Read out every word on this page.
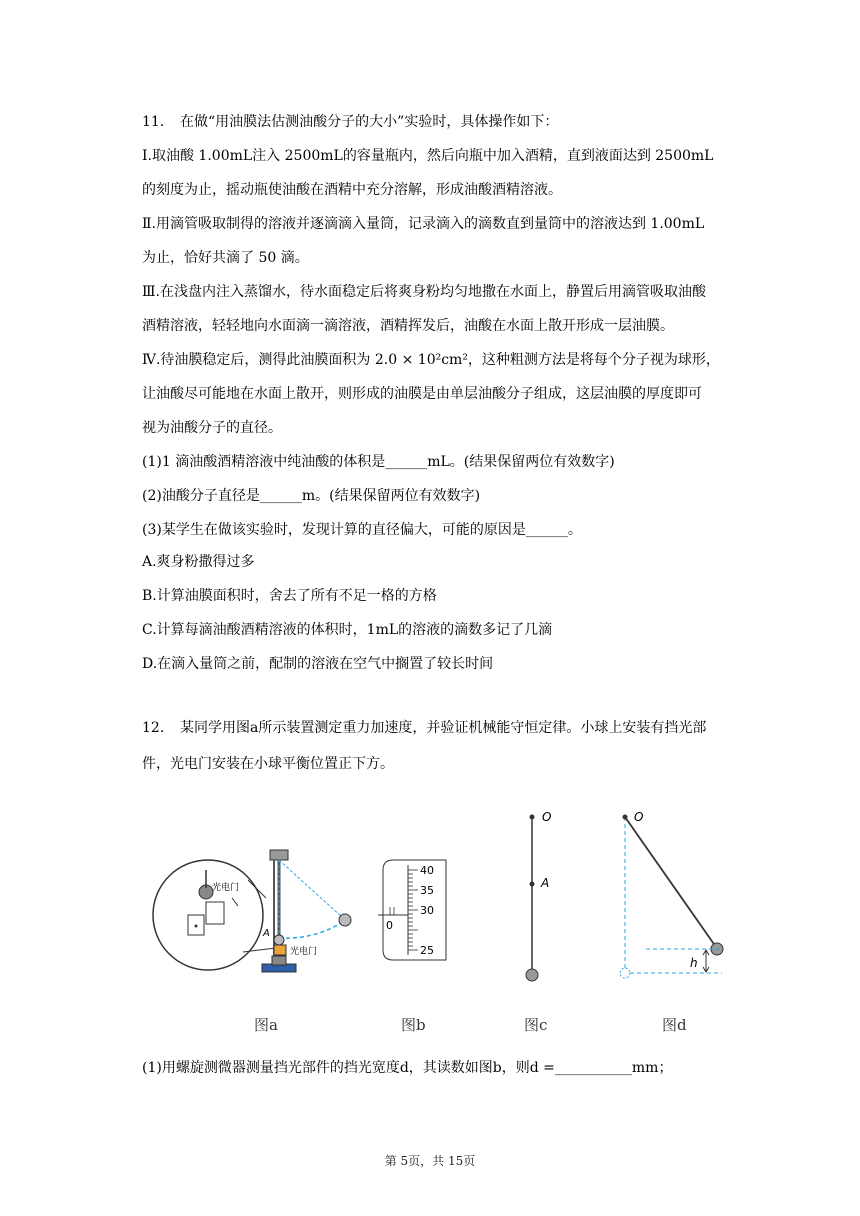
11. 在做“用油膜法估测油酸分子的大小”实验时，具体操作如下：
Ⅰ.取油酸 1.00mL注入 2500mL的容量瓶内，然后向瓶中加入酒精，直到液面达到 2500mL
的刻度为止，摇动瓶使油酸在酒精中充分溶解，形成油酸酒精溶液。
Ⅱ.用滴管吸取制得的溶液并逐滴滴入量筒，记录滴入的滴数直到量筒中的溶液达到 1.00mL
为止，恰好共滴了 50 滴。
Ⅲ.在浅盘内注入蒸馏水，待水面稳定后将爽身粉均匀地撒在水面上，静置后用滴管吸取油酸
酒精溶液，轻轻地向水面滴一滴溶液，酒精挥发后，油酸在水面上散开形成一层油膜。
Ⅳ.待油膜稳定后，测得此油膜面积为 2.0 × 10²cm²，这种粗测方法是将每个分子视为球形，
让油酸尽可能地在水面上散开，则形成的油膜是由单层油酸分子组成，这层油膜的厚度即可
视为油酸分子的直径。
(1)1 滴油酸酒精溶液中纯油酸的体积是______mL。(结果保留两位有效数字)
(2)油酸分子直径是______m。(结果保留两位有效数字)
(3)某学生在做该实验时，发现计算的直径偏大，可能的原因是______。
A.爽身粉撒得过多
B.计算油膜面积时，舍去了所有不足一格的方格
C.计算每滴油酸酒精溶液的体积时，1mL的溶液的滴数多记了几滴
D.在滴入量筒之前，配制的溶液在空气中搁置了较长时间
12. 某同学用图a所示装置测定重力加速度，并验证机械能守恒定律。小球上安装有挡光部
件，光电门安装在小球平衡位置正下方。
光电门
A
光电门
40
35
30
25
0
O
A
O
h
图a	图b	图c	图d
(1)用螺旋测微器测量挡光部件的挡光宽度d，其读数如图b，则d =___________mm；
第 5页，共 15页
